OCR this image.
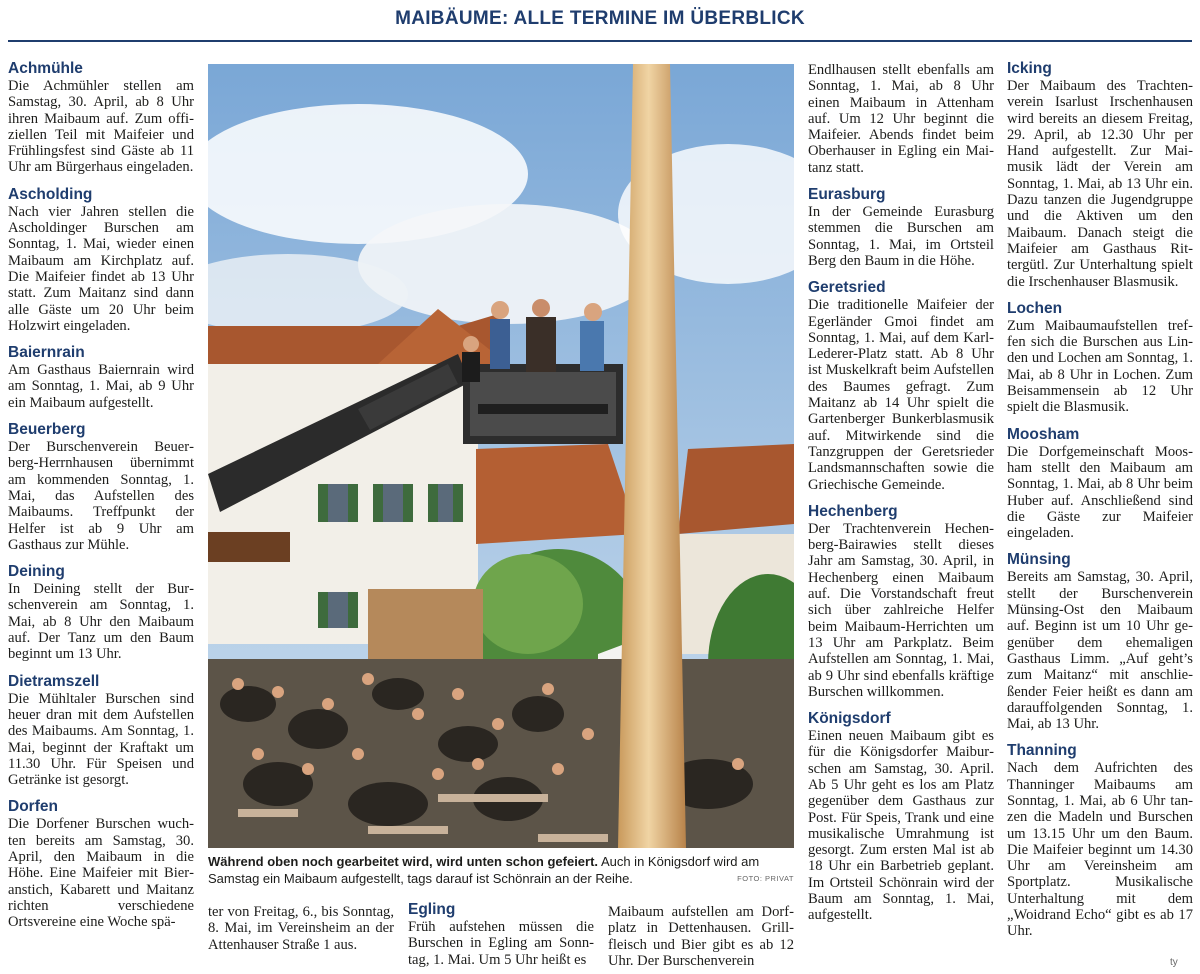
MAIBÄUME: ALLE TERMINE IM ÜBERBLICK
Achmühle

Die Achmühler stellen am Samstag, 30. April, ab 8 Uhr ihren Maibaum auf. Zum offiziellen Teil mit Maifeier und Frühlingsfest sind Gäste ab 11 Uhr am Bürgerhaus eingeladen.

Ascholding

Nach vier Jahren stellen die Ascholdinger Burschen am Sonntag, 1. Mai, wieder einen Maibaum am Kirchplatz auf. Die Maifeier findet ab 13 Uhr statt. Zum Maitanz sind dann alle Gäste um 20 Uhr beim Holzwirt eingeladen.

Baiernrain

Am Gasthaus Baiernrain wird am Sonntag, 1. Mai, ab 9 Uhr ein Maibaum aufgestellt.

Beuerberg

Der Burschenverein Beuerberg-Herrnhausen übernimmt am kommenden Sonntag, 1. Mai, das Aufstellen des Maibaums. Treffpunkt der Helfer ist ab 9 Uhr am Gasthaus zur Mühle.

Deining

In Deining stellt der Burschenverein am Sonntag, 1. Mai, ab 8 Uhr den Maibaum auf. Der Tanz um den Baum beginnt um 13 Uhr.

Dietramszell

Die Mühltaler Burschen sind heuer dran mit dem Aufstellen des Maibaums. Am Sonntag, 1. Mai, beginnt der Kraftakt um 11.30 Uhr. Für Speisen und Getränke ist gesorgt.

Dorfen

Die Dorfener Burschen wuchten bereits am Samstag, 30. April, den Maibaum in die Höhe. Eine Maifeier mit Bieranstich, Kabarett und Maitanz richten verschiedene Ortsvereine eine Woche spä-

Während oben noch gearbeitet wird, wird unten schon gefeiert. Auch in Königsdorf wird am Samstag ein Maibaum aufgestellt, tags darauf ist Schönrain an der Reihe.	FOTO: PRIVAT

ter von Freitag, 6., bis Sonntag, 8. Mai, im Vereinsheim an der Attenhauser Straße 1 aus.

Egling

Früh aufstehen müssen die Burschen in Egling am Sonntag, 1. Mai. Um 5 Uhr heißt es

Maibaum aufstellen am Dorfplatz in Dettenhausen. Grillfleisch und Bier gibt es ab 12 Uhr. Der Burschenverein

Endlhausen stellt ebenfalls am Sonntag, 1. Mai, ab 8 Uhr einen Maibaum in Attenham auf. Um 12 Uhr beginnt die Maifeier. Abends findet beim Oberhauser in Egling ein Maitanz statt.

Eurasburg

In der Gemeinde Eurasburg stemmen die Burschen am Sonntag, 1. Mai, im Ortsteil Berg den Baum in die Höhe.

Geretsried

Die traditionelle Maifeier der Egerländer Gmoi findet am Sonntag, 1. Mai, auf dem Karl-Lederer-Platz statt. Ab 8 Uhr ist Muskelkraft beim Aufstellen des Baumes gefragt. Zum Maitanz ab 14 Uhr spielt die Gartenberger Bunkerblasmusik auf. Mitwirkende sind die Tanzgruppen der Geretsrieder Landsmannschaften sowie die Griechische Gemeinde.

Hechenberg

Der Trachtenverein Hechenberg-Bairawies stellt dieses Jahr am Samstag, 30. April, in Hechenberg einen Maibaum auf. Die Vorstandschaft freut sich über zahlreiche Helfer beim Maibaum-Herrichten um 13 Uhr am Parkplatz. Beim Aufstellen am Sonntag, 1. Mai, ab 9 Uhr sind ebenfalls kräftige Burschen willkommen.

Königsdorf

Einen neuen Maibaum gibt es für die Königsdorfer Maiburschen am Samstag, 30. April. Ab 5 Uhr geht es los am Platz gegenüber dem Gasthaus zur Post. Für Speis, Trank und eine musikalische Umrahmung ist gesorgt. Zum ersten Mal ist ab 18 Uhr ein Barbetrieb geplant. Im Ortsteil Schönrain wird der Baum am Sonntag, 1. Mai, aufgestellt.

Icking

Der Maibaum des Trachtenverein Isarlust Irschenhausen wird bereits an diesem Freitag, 29. April, ab 12.30 Uhr per Hand aufgestellt. Zur Maimusik lädt der Verein am Sonntag, 1. Mai, ab 13 Uhr ein. Dazu tanzen die Jugendgruppe und die Aktiven um den Maibaum. Danach steigt die Maifeier am Gasthaus Rittergütl. Zur Unterhaltung spielt die Irschenhauser Blasmusik.

Lochen

Zum Maibaumaufstellen treffen sich die Burschen aus Linden und Lochen am Sonntag, 1. Mai, ab 8 Uhr in Lochen. Zum Beisammensein ab 12 Uhr spielt die Blasmusik.

Moosham

Die Dorfgemeinschaft Moosham stellt den Maibaum am Sonntag, 1. Mai, ab 8 Uhr beim Huber auf. Anschließend sind die Gäste zur Maifeier eingeladen.

Münsing

Bereits am Samstag, 30. April, stellt der Burschenverein Münsing-Ost den Maibaum auf. Beginn ist um 10 Uhr gegenüber dem ehemaligen Gasthaus Limm. „Auf geht’s zum Maitanz“ mit anschließender Feier heißt es dann am darauffolgenden Sonntag, 1. Mai, ab 13 Uhr.

Thanning

Nach dem Aufrichten des Thanninger Maibaums am Sonntag, 1. Mai, ab 6 Uhr tanzen die Madeln und Burschen um 13.15 Uhr um den Baum. Die Maifeier beginnt um 14.30 Uhr am Vereinsheim am Sportplatz. Musikalische Unterhaltung mit dem „Woidrand Echo“ gibt es ab 17 Uhr.

ty
